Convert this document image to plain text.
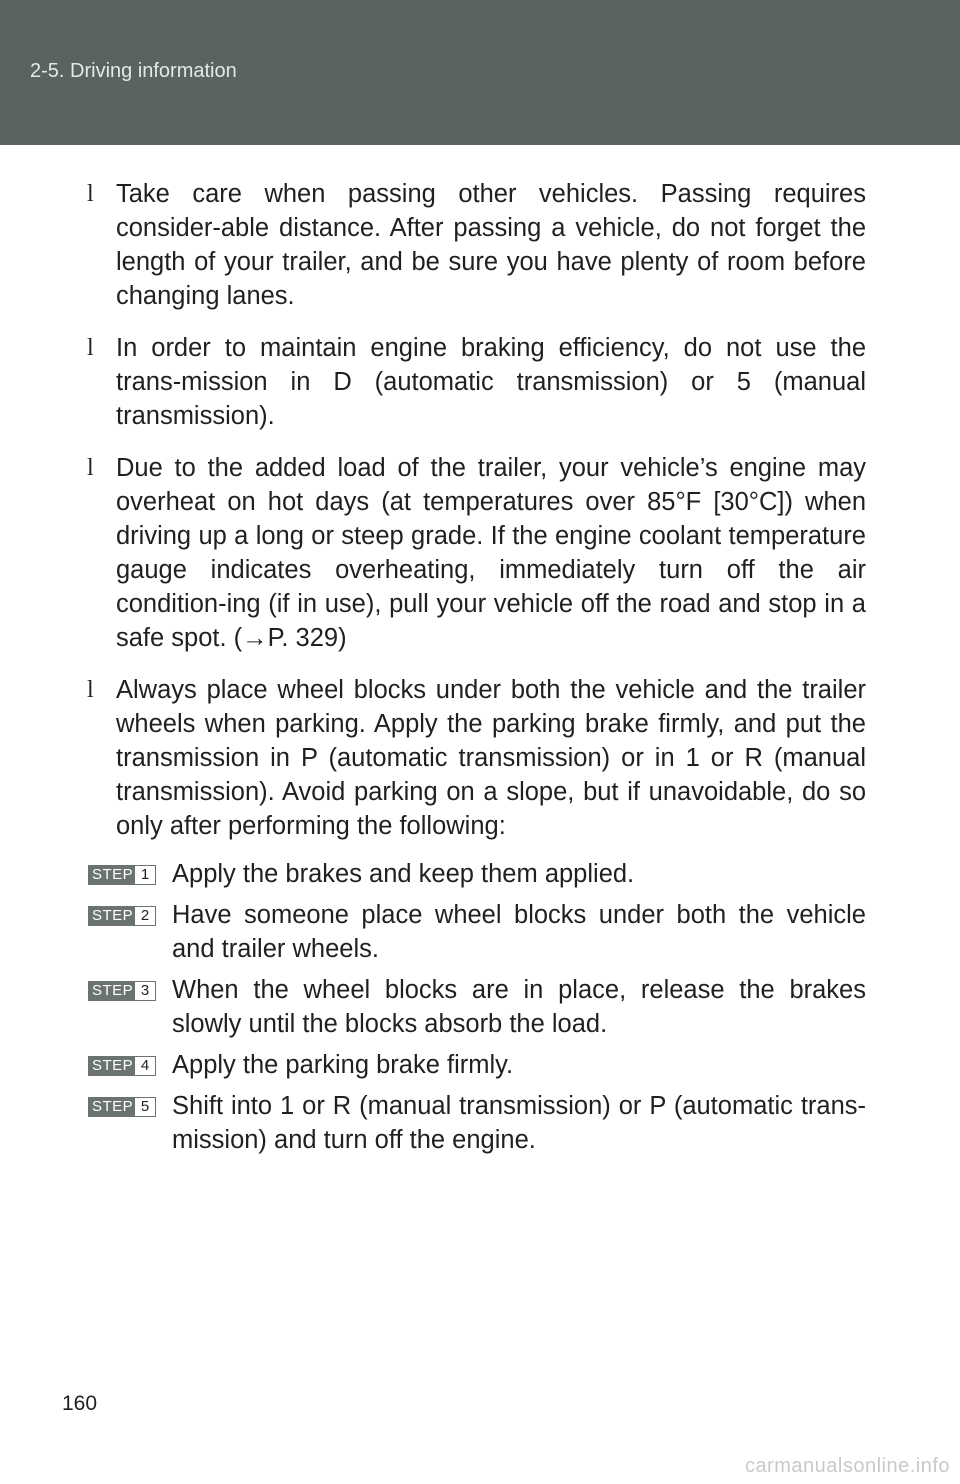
2-5. Driving information
l Take care when passing other vehicles. Passing requires consider-able distance. After passing a vehicle, do not forget the length of your trailer, and be sure you have plenty of room before changing lanes.
l In order to maintain engine braking efficiency, do not use the trans-mission in D (automatic transmission) or 5 (manual transmission).
l Due to the added load of the trailer, your vehicle’s engine may overheat on hot days (at temperatures over 85°F [30°C]) when driving up a long or steep grade. If the engine coolant temperature gauge indicates overheating, immediately turn off the air condition-ing (if in use), pull your vehicle off the road and stop in a safe spot. (→P. 329)
l Always place wheel blocks under both the vehicle and the trailer wheels when parking. Apply the parking brake firmly, and put the transmission in P (automatic transmission) or in 1 or R (manual transmission). Avoid parking on a slope, but if unavoidable, do so only after performing the following:
STEP 1 Apply the brakes and keep them applied.
STEP 2 Have someone place wheel blocks under both the vehicle and trailer wheels.
STEP 3 When the wheel blocks are in place, release the brakes slowly until the blocks absorb the load.
STEP 4 Apply the parking brake firmly.
STEP 5 Shift into 1 or R (manual transmission) or P (automatic trans-mission) and turn off the engine.
160
carmanualsonline.info
